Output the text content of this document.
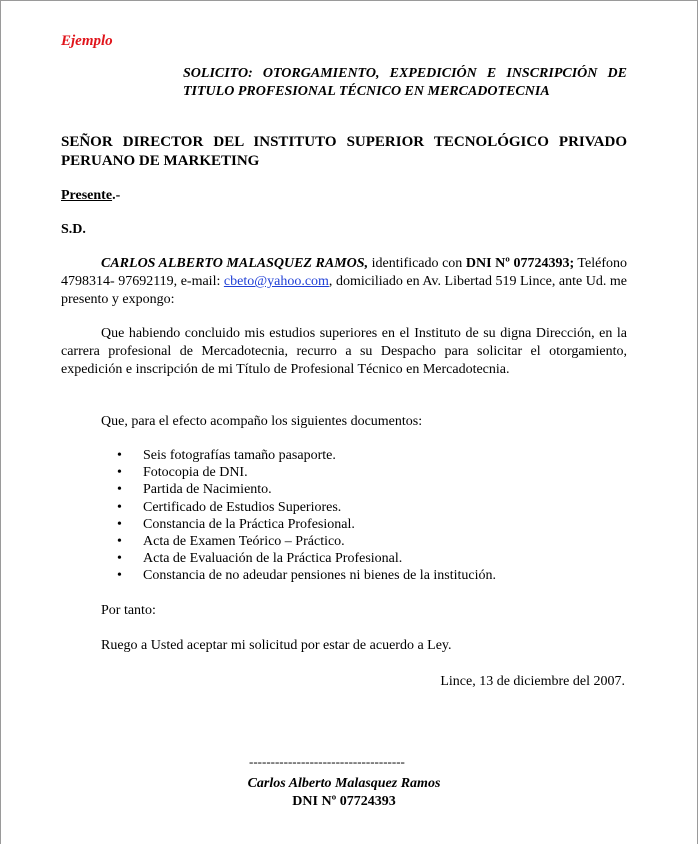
Ejemplo
SOLICITO: OTORGAMIENTO, EXPEDICIÓN E INSCRIPCIÓN DE TITULO PROFESIONAL TÉCNICO EN MERCADOTECNIA
SEÑOR DIRECTOR DEL INSTITUTO SUPERIOR TECNOLÓGICO PRIVADO PERUANO DE MARKETING
Presente.-
S.D.
CARLOS ALBERTO MALASQUEZ RAMOS, identificado con DNI Nº 07724393; Teléfono 4798314- 97692119, e-mail: cbeto@yahoo.com, domiciliado en Av. Libertad 519 Lince, ante Ud. me presento y expongo:
Que habiendo concluido mis estudios superiores en el Instituto de su digna Dirección, en la carrera profesional de Mercadotecnia, recurro a su Despacho para solicitar el otorgamiento, expedición e inscripción de mi Título de Profesional Técnico en Mercadotecnia.
Que, para el efecto acompaño los siguientes documentos:
• Seis fotografías tamaño pasaporte.
• Fotocopia de DNI.
• Partida de Nacimiento.
• Certificado de Estudios Superiores.
• Constancia de la Práctica Profesional.
• Acta de Examen Teórico – Práctico.
• Acta de Evaluación de la Práctica Profesional.
• Constancia de no adeudar pensiones ni bienes de la institución.
Por tanto:
Ruego a Usted aceptar mi solicitud por estar de acuerdo a Ley.
Lince, 13 de diciembre del 2007.
------------------------------------
Carlos Alberto Malasquez Ramos
DNI Nº 07724393
